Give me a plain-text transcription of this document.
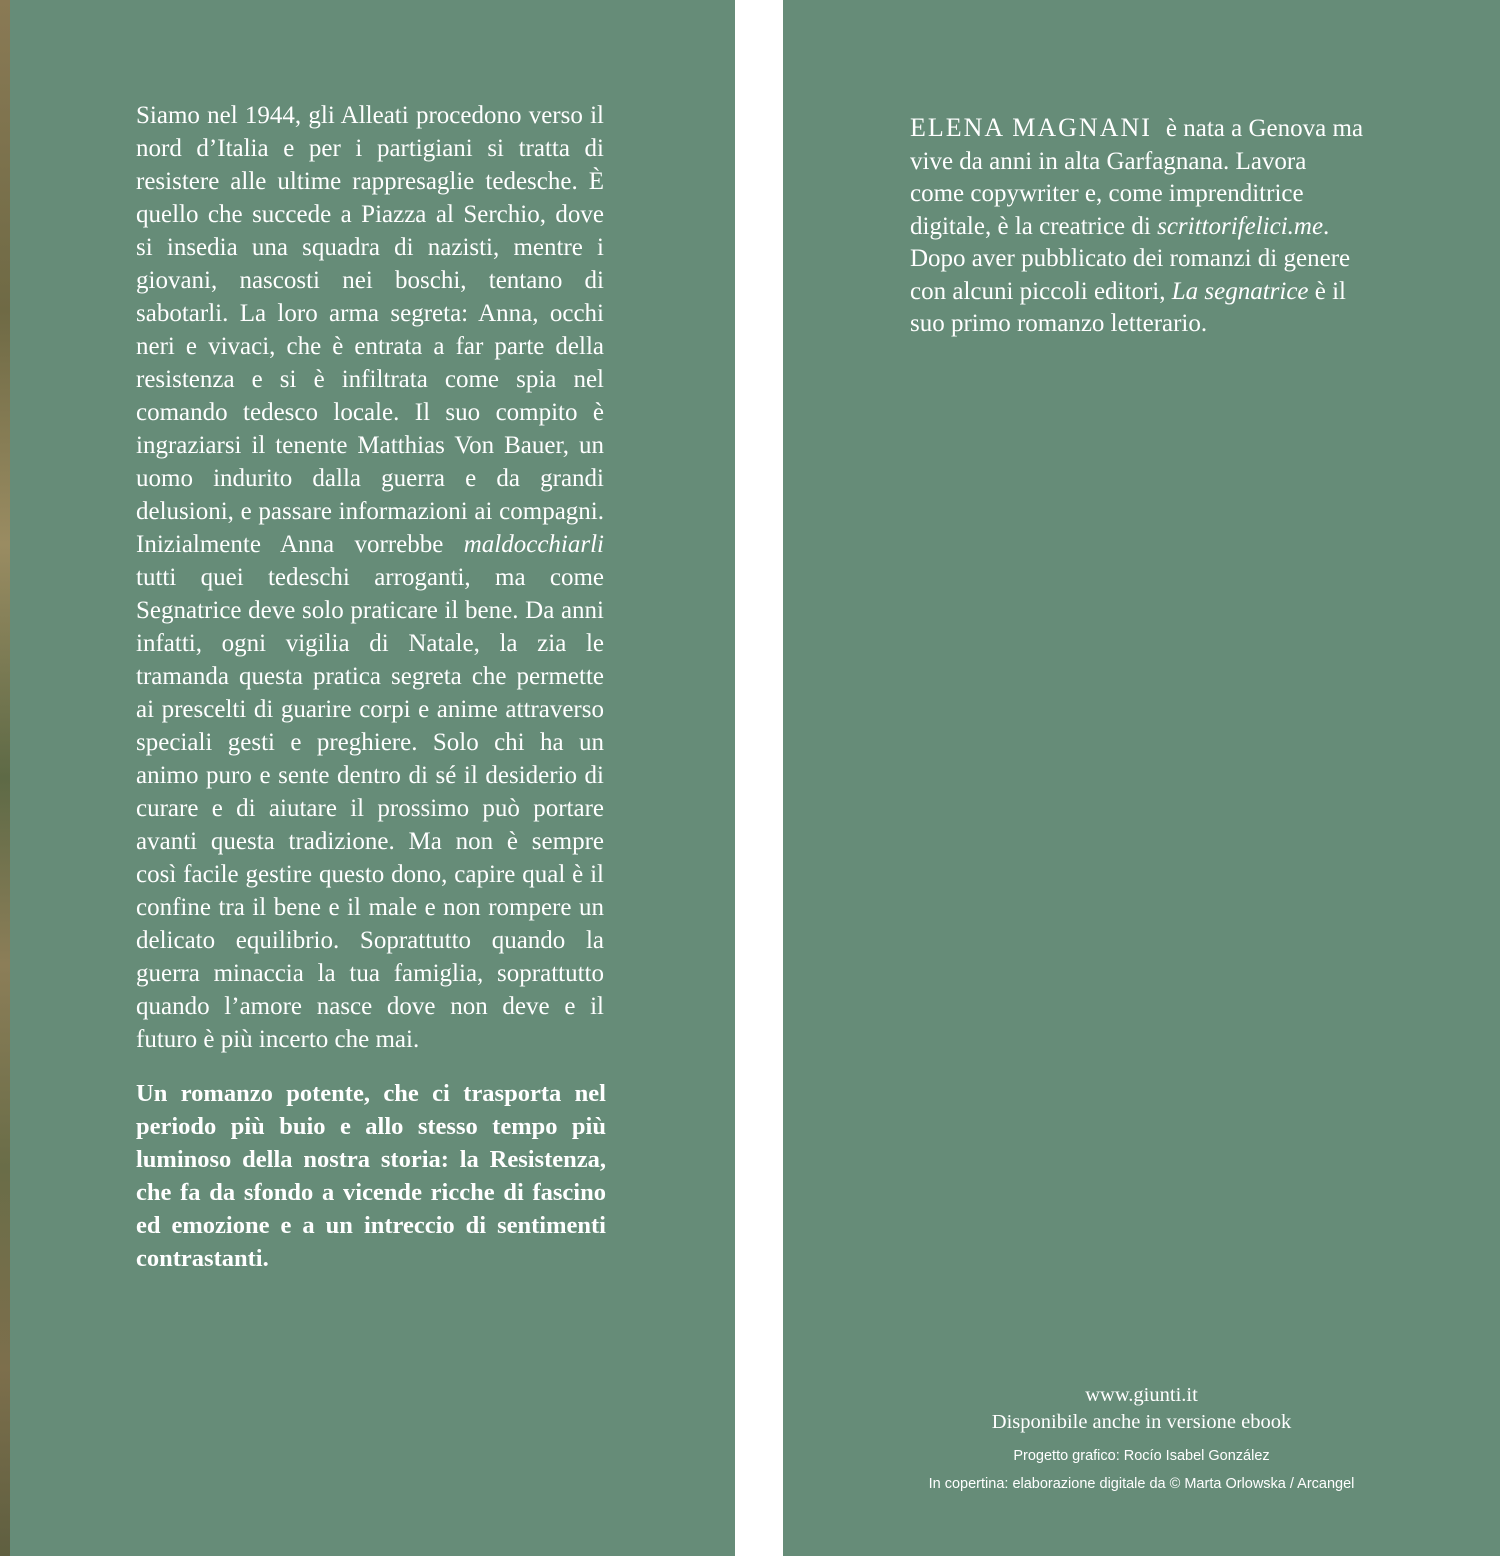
Siamo nel 1944, gli Alleati procedono verso il nord d’Italia e per i partigiani si tratta di resistere alle ultime rappresaglie tedesche. È quello che succede a Piazza al Serchio, dove si insedia una squadra di nazisti, mentre i giovani, nascosti nei boschi, tentano di sabotarli. La loro arma segreta: Anna, occhi neri e vivaci, che è entrata a far parte della resistenza e si è infiltrata come spia nel comando tedesco locale. Il suo compito è ingraziarsi il tenente Matthias Von Bauer, un uomo indurito dalla guerra e da grandi delusioni, e passare informazioni ai compagni. Inizialmente Anna vorrebbe maldocchiarli tutti quei tedeschi arroganti, ma come Segnatrice deve solo praticare il bene. Da anni infatti, ogni vigilia di Natale, la zia le tramanda questa pratica segreta che permette ai prescelti di guarire corpi e anime attraverso speciali gesti e preghiere. Solo chi ha un animo puro e sente dentro di sé il desiderio di curare e di aiutare il prossimo può portare avanti questa tradizione. Ma non è sempre così facile gestire questo dono, capire qual è il confine tra il bene e il male e non rompere un delicato equilibrio. Soprattutto quando la guerra minaccia la tua famiglia, soprattutto quando l’amore nasce dove non deve e il futuro è più incerto che mai.

Un romanzo potente, che ci trasporta nel periodo più buio e allo stesso tempo più luminoso della nostra storia: la Resistenza, che fa da sfondo a vicende ricche di fascino ed emozione e a un intreccio di sentimenti contrastanti.

ELENA MAGNANI è nata a Genova ma vive da anni in alta Garfagnana. Lavora come copywriter e, come imprenditrice digitale, è la creatrice di scrittorifelici.me. Dopo aver pubblicato dei romanzi di genere con alcuni piccoli editori, La segnatrice è il suo primo romanzo letterario.

www.giunti.it
Disponibile anche in versione ebook
Progetto grafico: Rocío Isabel González
In copertina: elaborazione digitale da © Marta Orlowska / Arcangel
